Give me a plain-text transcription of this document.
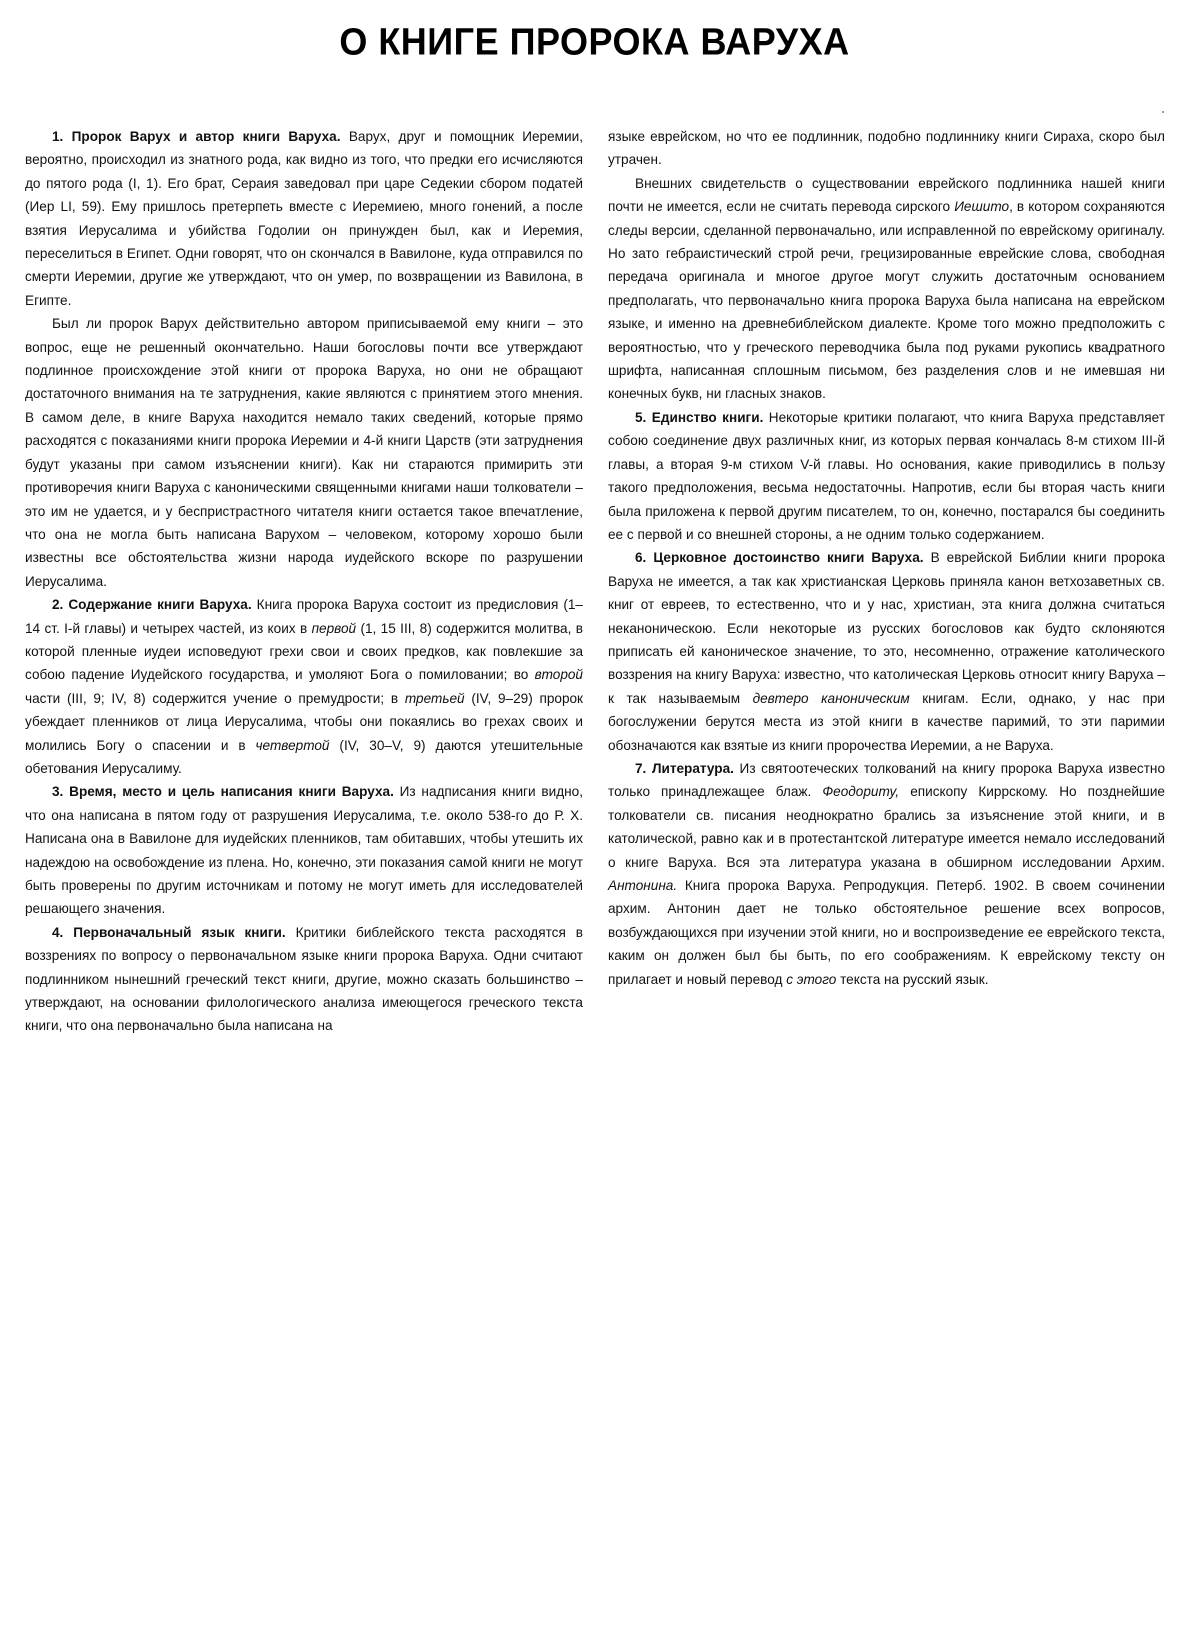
О КНИГЕ ПРОРОКА ВАРУХА

1. Пророк Варух и автор книги Варуха. Варух, друг и помощник Иеремии, вероятно, происходил из знатного рода, как видно из того, что предки его исчисляются до пятого рода (I, 1). Его брат, Сераия заведовал при царе Седекии сбором податей (Иер LI, 59). Ему пришлось претерпеть вместе с Иеремиею, много гонений, а после взятия Иерусалима и убийства Годолии он принужден был, как и Иеремия, переселиться в Египет. Одни говорят, что он скончался в Вавилоне, куда отправился по смерти Иеремии, другие же утверждают, что он умер, по возвращении из Вавилона, в Египте.

Был ли пророк Варух действительно автором приписываемой ему книги – это вопрос, еще не решенный окончательно. Наши богословы почти все утверждают подлинное происхождение этой книги от пророка Варуха, но они не обращают достаточного внимания на те затруднения, какие являются с принятием этого мнения. В самом деле, в книге Варуха находится немало таких сведений, которые прямо расходятся с показаниями книги пророка Иеремии и 4-й книги Царств (эти затруднения будут указаны при самом изъяснении книги). Как ни стараются примирить эти противоречия книги Варуха с каноническими священными книгами наши толкователи – это им не удается, и у беспристрастного читателя книги остается такое впечатление, что она не могла быть написана Варухом – человеком, которому хорошо были известны все обстоятельства жизни народа иудейского вскоре по разрушении Иерусалима.

2. Содержание книги Варуха. Книга пророка Варуха состоит из предисловия (1–14 ст. I-й главы) и четырех частей, из коих в первой (1, 15 III, 8) содержится молитва, в которой пленные иудеи исповедуют грехи свои и своих предков, как повлекшие за собою падение Иудейского государства, и умоляют Бога о помиловании; во второй части (III, 9; IV, 8) содержится учение о премудрости; в третьей (IV, 9–29) пророк убеждает пленников от лица Иерусалима, чтобы они покаялись во грехах своих и молились Богу о спасении и в четвертой (IV, 30–V, 9) даются утешительные обетования Иерусалиму.

3. Время, место и цель написания книги Варуха. Из надписания книги видно, что она написана в пятом году от разрушения Иерусалима, т.е. около 538-го до Р. Х. Написана она в Вавилоне для иудейских пленников, там обитавших, чтобы утешить их надеждою на освобождение из плена. Но, конечно, эти показания самой книги не могут быть проверены по другим источникам и потому не могут иметь для исследователей решающего значения.

4. Первоначальный язык книги. Критики библейского текста расходятся в воззрениях по вопросу о первоначальном языке книги пророка Варуха. Одни считают подлинником нынешний греческий текст книги, другие, можно сказать большинство – утверждают, на основании филологического анализа имеющегося греческого текста книги, что она первоначально была написана на

языке еврейском, но что ее подлинник, подобно подлиннику книги Сираха, скоро был утрачен.

Внешних свидетельств о существовании еврейского подлинника нашей книги почти не имеется, если не считать перевода сирского Иешито, в котором сохраняются следы версии, сделанной первоначально, или исправленной по еврейскому оригиналу. Но зато гебраистический строй речи, грецизированные еврейские слова, свободная передача оригинала и многое другое могут служить достаточным основанием предполагать, что первоначально книга пророка Варуха была написана на еврейском языке, и именно на древнебиблейском диалекте. Кроме того можно предположить с вероятностью, что у греческого переводчика была под руками рукопись квадратного шрифта, написанная сплошным письмом, без разделения слов и не имевшая ни конечных букв, ни гласных знаков.

5. Единство книги. Некоторые критики полагают, что книга Варуха представляет собою соединение двух различных книг, из которых первая кончалась 8-м стихом III-й главы, а вторая 9-м стихом V-й главы. Но основания, какие приводились в пользу такого предположения, весьма недостаточны. Напротив, если бы вторая часть книги была приложена к первой другим писателем, то он, конечно, постарался бы соединить ее с первой и со внешней стороны, а не одним только содержанием.

6. Церковное достоинство книги Варуха. В еврейской Библии книги пророка Варуха не имеется, а так как христианская Церковь приняла канон ветхозаветных св. книг от евреев, то естественно, что и у нас, христиан, эта книга должна считаться неканоническою. Если некоторые из русских богословов как будто склоняются приписать ей каноническое значение, то это, несомненно, отражение католического воззрения на книгу Варуха: известно, что католическая Церковь относит книгу Варуха – к так называемым девтеро каноническим книгам. Если, однако, у нас при богослужении берутся места из этой книги в качестве паримий, то эти паримии обозначаются как взятые из книги пророчества Иеремии, а не Варуха.

7. Литература. Из святоотеческих толкований на книгу пророка Варуха известно только принадлежащее блаж. Феодориту, епископу Киррскому. Но позднейшие толкователи св. писания неоднократно брались за изъяснение этой книги, и в католической, равно как и в протестантской литературе имеется немало исследований о книге Варуха. Вся эта литература указана в обширном исследовании Архим. Антонина. Книга пророка Варуха. Репродукция. Петерб. 1902. В своем сочинении архим. Антонин дает не только обстоятельное решение всех вопросов, возбуждающихся при изучении этой книги, но и воспроизведение ее еврейского текста, каким он должен был бы быть, по его соображениям. К еврейскому тексту он прилагает и новый перевод с этого текста на русский язык.
